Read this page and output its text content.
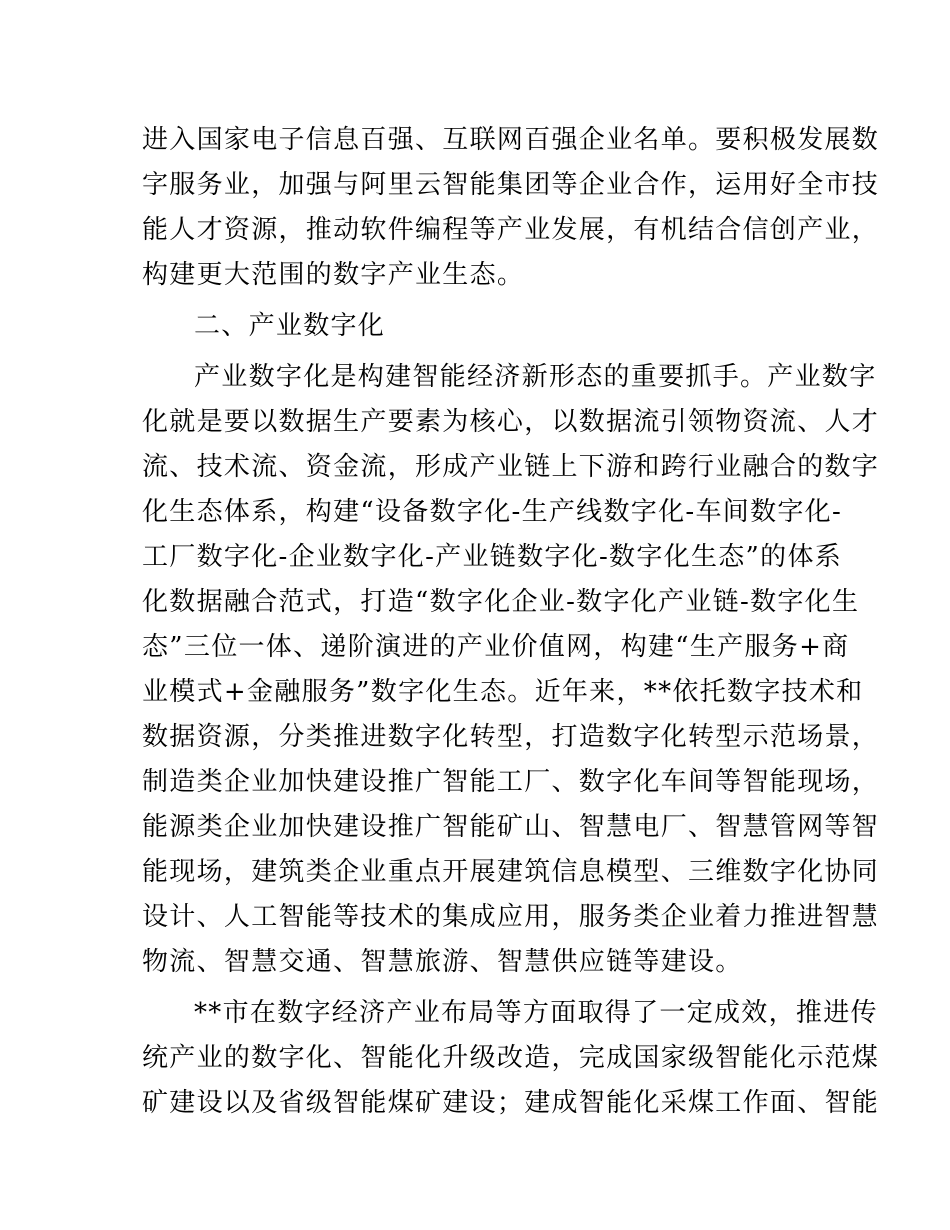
进入国家电子信息百强、互联网百强企业名单。要积极发展数
字服务业，加强与阿里云智能集团等企业合作，运用好全市技
能人才资源，推动软件编程等产业发展，有机结合信创产业，
构建更大范围的数字产业生态。
二、产业数字化
产业数字化是构建智能经济新形态的重要抓手。产业数字
化就是要以数据生产要素为核心，以数据流引领物资流、人才
流、技术流、资金流，形成产业链上下游和跨行业融合的数字
化生态体系，构建“设备数字化-生产线数字化-车间数字化-
工厂数字化-企业数字化-产业链数字化-数字化生态”的体系
化数据融合范式，打造“数字化企业-数字化产业链-数字化生
态”三位一体、递阶演进的产业价值网，构建“生产服务+商
业模式+金融服务”数字化生态。近年来，**依托数字技术和
数据资源，分类推进数字化转型，打造数字化转型示范场景，
制造类企业加快建设推广智能工厂、数字化车间等智能现场，
能源类企业加快建设推广智能矿山、智慧电厂、智慧管网等智
能现场，建筑类企业重点开展建筑信息模型、三维数字化协同
设计、人工智能等技术的集成应用，服务类企业着力推进智慧
物流、智慧交通、智慧旅游、智慧供应链等建设。
**市在数字经济产业布局等方面取得了一定成效，推进传
统产业的数字化、智能化升级改造，完成国家级智能化示范煤
矿建设以及省级智能煤矿建设；建成智能化采煤工作面、智能
